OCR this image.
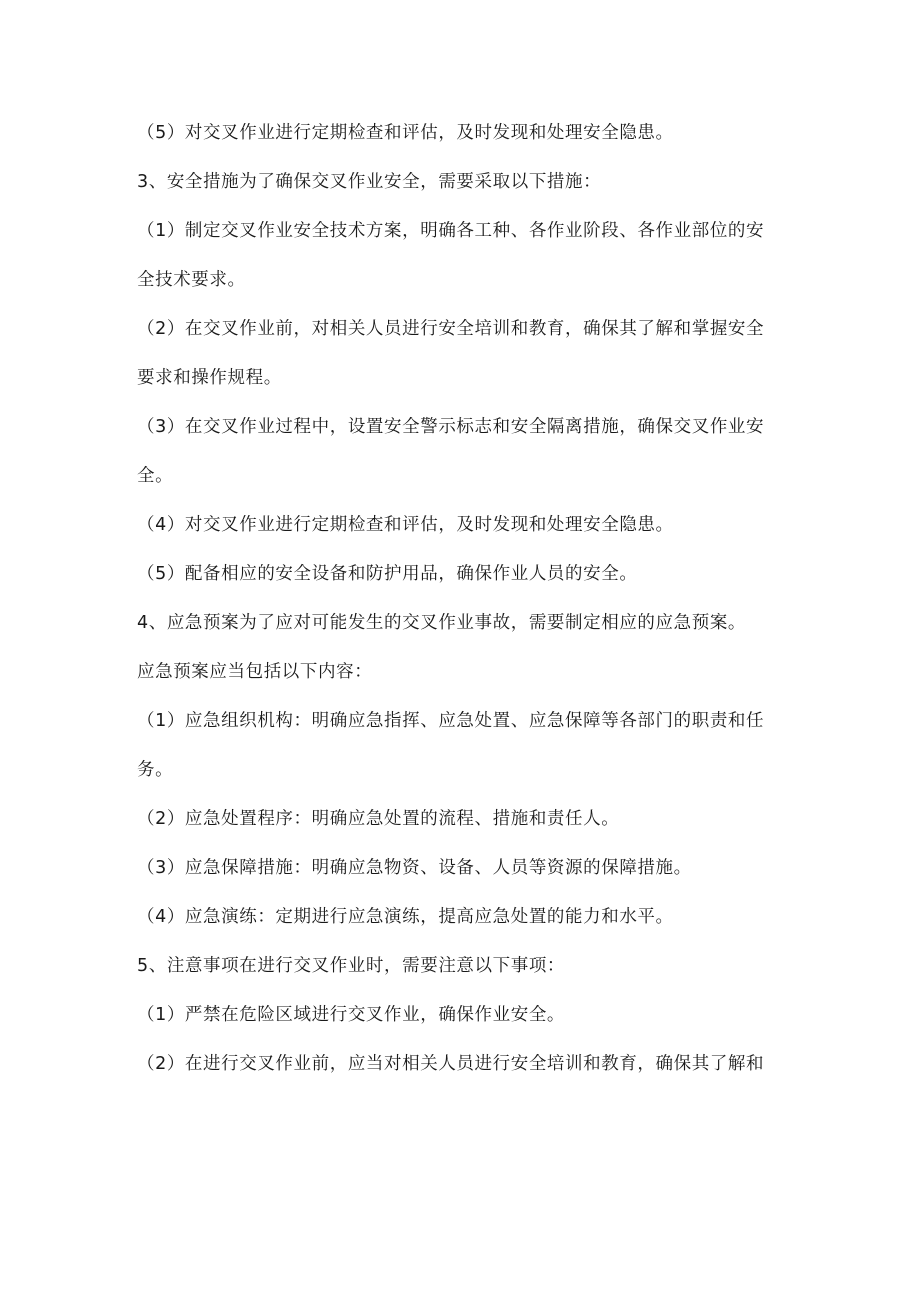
（5）对交叉作业进行定期检查和评估，及时发现和处理安全隐患。
3、安全措施为了确保交叉作业安全，需要采取以下措施：
（1）制定交叉作业安全技术方案，明确各工种、各作业阶段、各作业部位的安
全技术要求。
（2）在交叉作业前，对相关人员进行安全培训和教育，确保其了解和掌握安全
要求和操作规程。
（3）在交叉作业过程中，设置安全警示标志和安全隔离措施，确保交叉作业安
全。
（4）对交叉作业进行定期检查和评估，及时发现和处理安全隐患。
（5）配备相应的安全设备和防护用品，确保作业人员的安全。
4、应急预案为了应对可能发生的交叉作业事故，需要制定相应的应急预案。
应急预案应当包括以下内容：
（1）应急组织机构：明确应急指挥、应急处置、应急保障等各部门的职责和任
务。
（2）应急处置程序：明确应急处置的流程、措施和责任人。
（3）应急保障措施：明确应急物资、设备、人员等资源的保障措施。
（4）应急演练：定期进行应急演练，提高应急处置的能力和水平。
5、注意事项在进行交叉作业时，需要注意以下事项：
（1）严禁在危险区域进行交叉作业，确保作业安全。
（2）在进行交叉作业前，应当对相关人员进行安全培训和教育，确保其了解和
